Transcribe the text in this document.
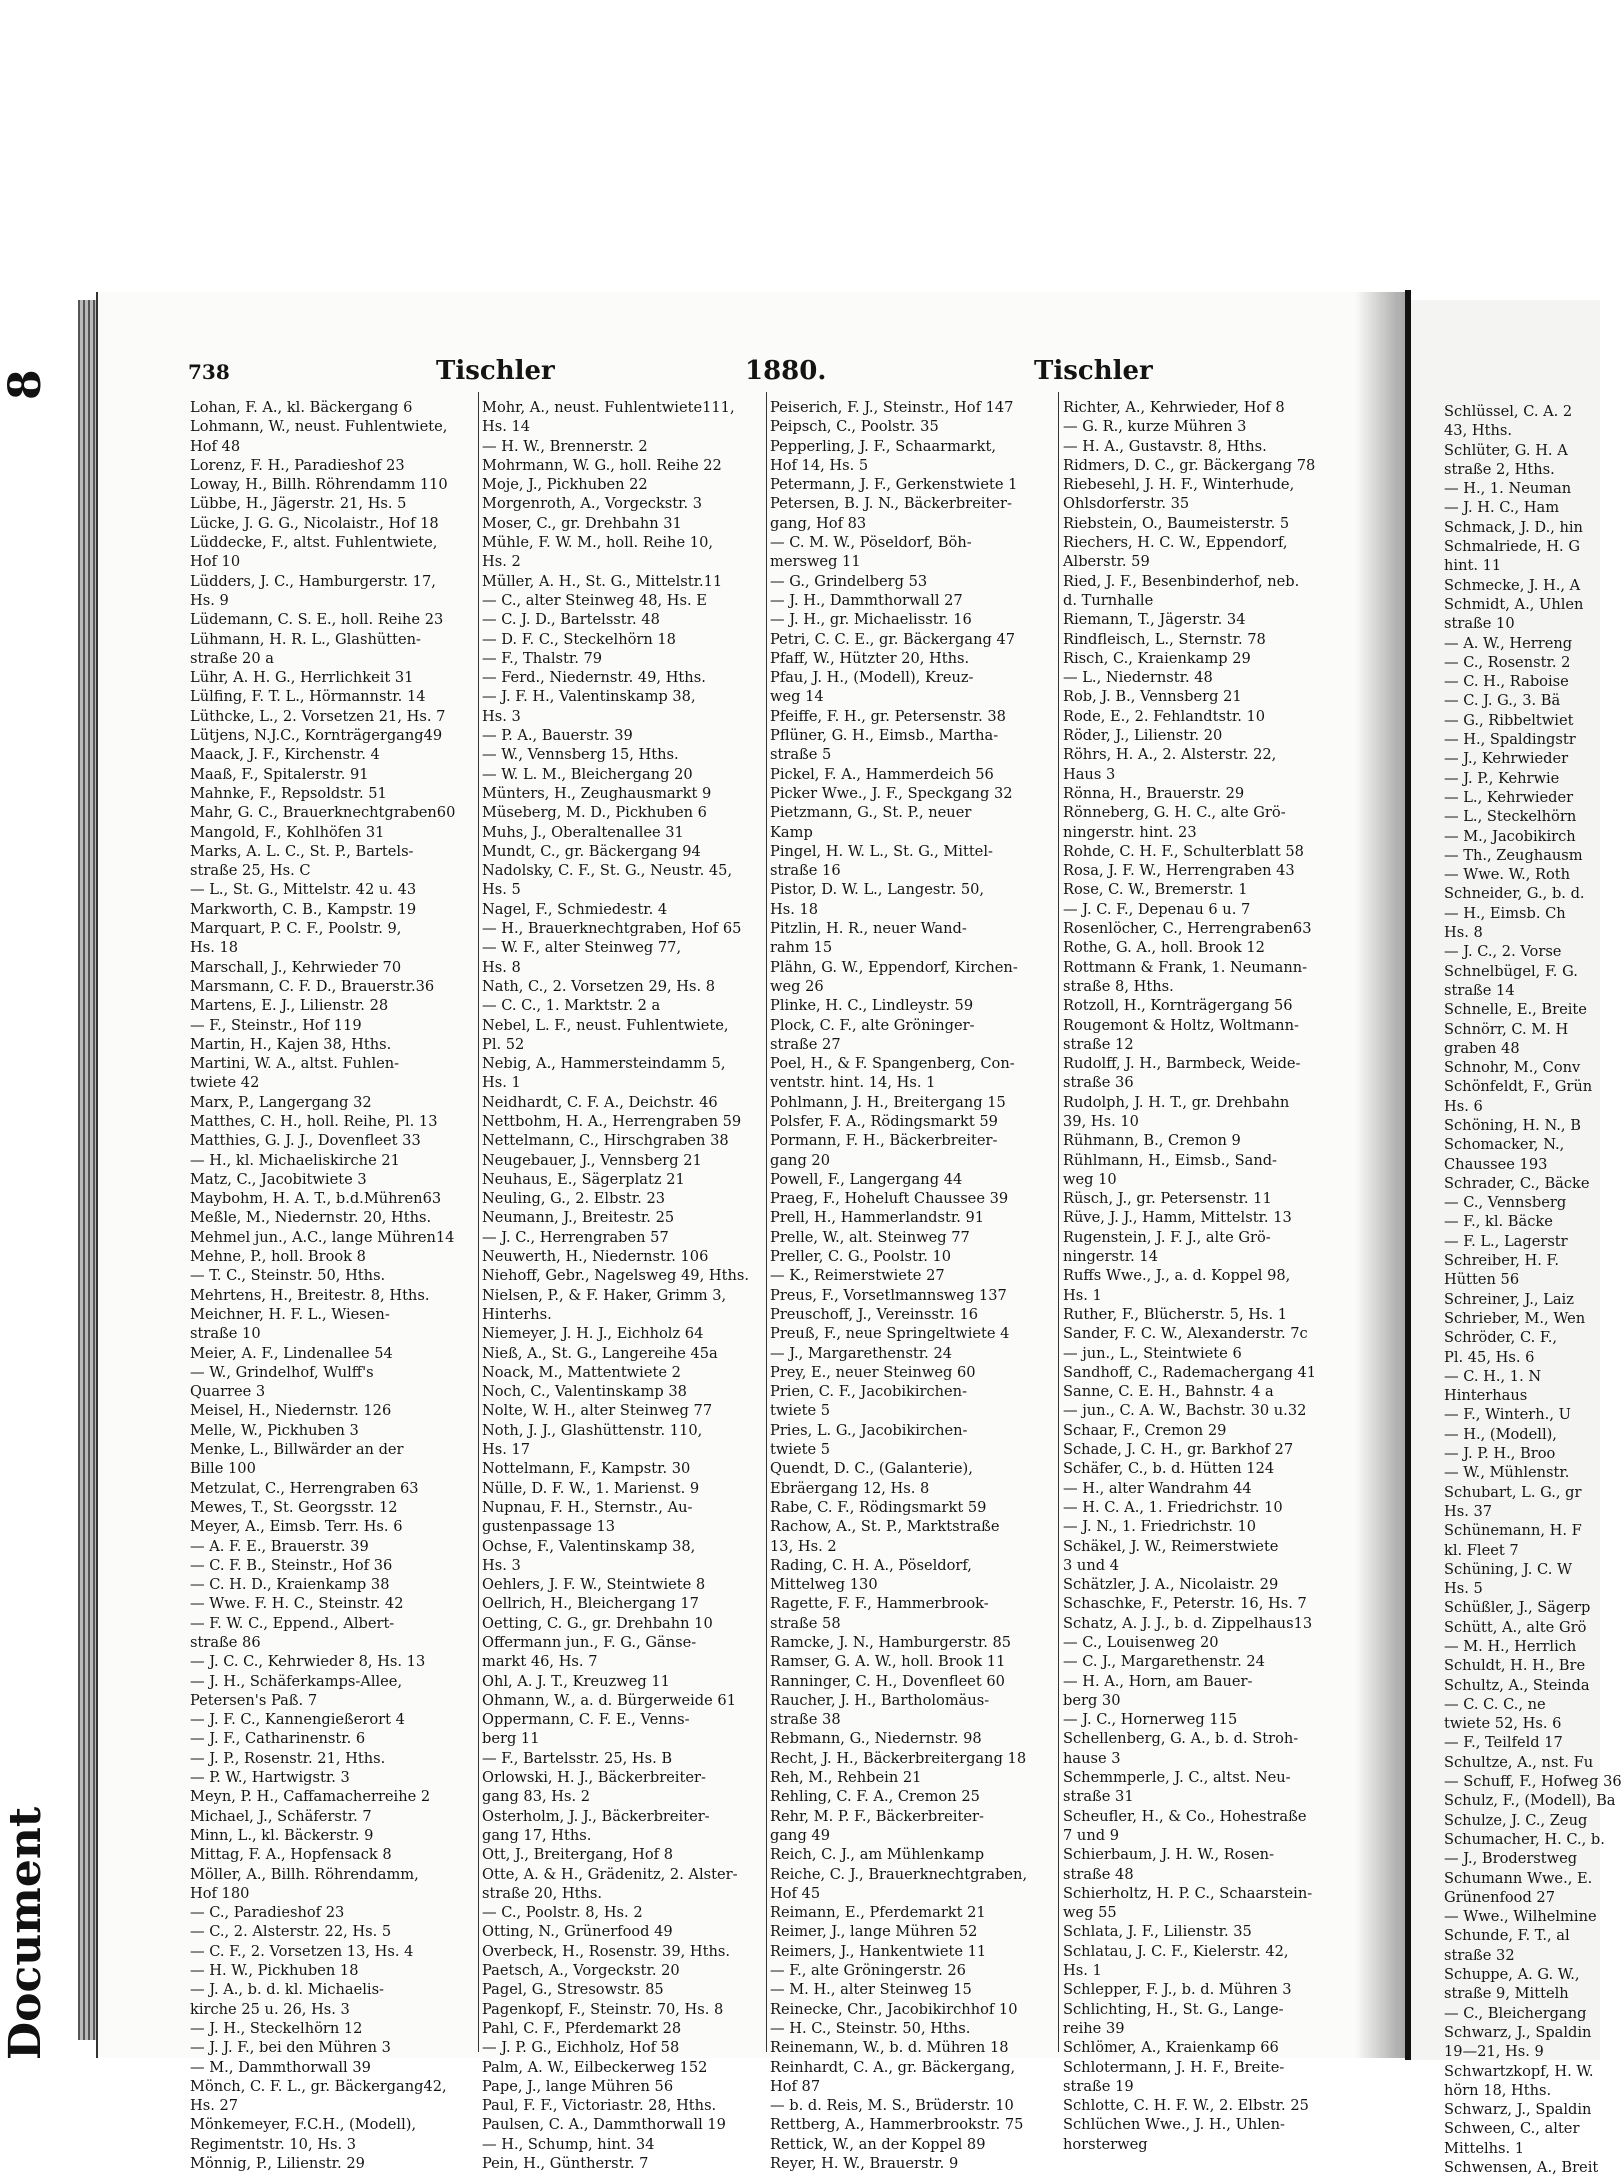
8
Document
738	Tischler	1880.	Tischler
Lohan, F. A., kl. Bäckergang 6
Lohmann, W., neust. Fuhlentwiete,
Hof 48
Lorenz, F. H., Paradieshof 23
Loway, H., Billh. Röhrendamm 110
Lübbe, H., Jägerstr. 21, Hs. 5
Lücke, J. G. G., Nicolaistr., Hof 18
Lüddecke, F., altst. Fuhlentwiete,
Hof 10
Lüdders, J. C., Hamburgerstr. 17,
Hs. 9
Lüdemann, C. S. E., holl. Reihe 23
Lühmann, H. R. L., Glashütten-
straße 20 a
Lühr, A. H. G., Herrlichkeit 31
Lülfing, F. T. L., Hörmannstr. 14
Lüthcke, L., 2. Vorsetzen 21, Hs. 7
Lütjens, N.J.C., Kornträgergang49
Maack, J. F., Kirchenstr. 4
Maaß, F., Spitalerstr. 91
Mahnke, F., Repsoldstr. 51
Mahr, G. C., Brauerknechtgraben60
Mangold, F., Kohlhöfen 31
Marks, A. L. C., St. P., Bartels-
straße 25, Hs. C
— L., St. G., Mittelstr. 42 u. 43
Markworth, C. B., Kampstr. 19
Marquart, P. C. F., Poolstr. 9,
Hs. 18
Marschall, J., Kehrwieder 70
Marsmann, C. F. D., Brauerstr.36
Martens, E. J., Lilienstr. 28
— F., Steinstr., Hof 119
Martin, H., Kajen 38, Hths.
Martini, W. A., altst. Fuhlen-
twiete 42
Marx, P., Langergang 32
Matthes, C. H., holl. Reihe, Pl. 13
Matthies, G. J. J., Dovenfleet 33
— H., kl. Michaeliskirche 21
Matz, C., Jacobitwiete 3
Maybohm, H. A. T., b.d.Mühren63
Meßle, M., Niedernstr. 20, Hths.
Mehmel jun., A.C., lange Mühren14
Mehne, P., holl. Brook 8
— T. C., Steinstr. 50, Hths.
Mehrtens, H., Breitestr. 8, Hths.
Meichner, H. F. L., Wiesen-
straße 10
Meier, A. F., Lindenallee 54
— W., Grindelhof, Wulff's
Quarree 3
Meisel, H., Niedernstr. 126
Melle, W., Pickhuben 3
Menke, L., Billwärder an der
Bille 100
Metzulat, C., Herrengraben 63
Mewes, T., St. Georgsstr. 12
Meyer, A., Eimsb. Terr. Hs. 6
— A. F. E., Brauerstr. 39
— C. F. B., Steinstr., Hof 36
— C. H. D., Kraienkamp 38
— Wwe. F. H. C., Steinstr. 42
— F. W. C., Eppend., Albert-
straße 86
— J. C. C., Kehrwieder 8, Hs. 13
— J. H., Schäferkamps-Allee,
Petersen's Paß. 7
— J. F. C., Kannengießerort 4
— J. F., Catharinenstr. 6
— J. P., Rosenstr. 21, Hths.
— P. W., Hartwigstr. 3
Meyn, P. H., Caffamacherreihe 2
Michael, J., Schäferstr. 7
Minn, L., kl. Bäckerstr. 9
Mittag, F. A., Hopfensack 8
Möller, A., Billh. Röhrendamm,
Hof 180
— C., Paradieshof 23
— C., 2. Alsterstr. 22, Hs. 5
— C. F., 2. Vorsetzen 13, Hs. 4
— H. W., Pickhuben 18
— J. A., b. d. kl. Michaelis-
kirche 25 u. 26, Hs. 3
— J. H., Steckelhörn 12
— J. J. F., bei den Mühren 3
— M., Dammthorwall 39
Mönch, C. F. L., gr. Bäckergang42,
Hs. 27
Mönkemeyer, F.C.H., (Modell),
Regimentstr. 10, Hs. 3
Mönnig, P., Lilienstr. 29
Mohr, A., neust. Fuhlentwiete111,
Hs. 14
— H. W., Brennerstr. 2
Mohrmann, W. G., holl. Reihe 22
Moje, J., Pickhuben 22
Morgenroth, A., Vorgeckstr. 3
Moser, C., gr. Drehbahn 31
Mühle, F. W. M., holl. Reihe 10,
Hs. 2
Müller, A. H., St. G., Mittelstr.11
— C., alter Steinweg 48, Hs. E
— C. J. D., Bartelsstr. 48
— D. F. C., Steckelhörn 18
— F., Thalstr. 79
— Ferd., Niedernstr. 49, Hths.
— J. F. H., Valentinskamp 38,
Hs. 3
— P. A., Bauerstr. 39
— W., Vennsberg 15, Hths.
— W. L. M., Bleichergang 20
Münters, H., Zeughausmarkt 9
Müseberg, M. D., Pickhuben 6
Muhs, J., Oberaltenallee 31
Mundt, C., gr. Bäckergang 94
Nadolsky, C. F., St. G., Neustr. 45,
Hs. 5
Nagel, F., Schmiedestr. 4
— H., Brauerknechtgraben, Hof 65
— W. F., alter Steinweg 77,
Hs. 8
Nath, C., 2. Vorsetzen 29, Hs. 8
— C. C., 1. Marktstr. 2 a
Nebel, L. F., neust. Fuhlentwiete,
Pl. 52
Nebig, A., Hammersteindamm 5,
Hs. 1
Neidhardt, C. F. A., Deichstr. 46
Nettbohm, H. A., Herrengraben 59
Nettelmann, C., Hirschgraben 38
Neugebauer, J., Vennsberg 21
Neuhaus, E., Sägerplatz 21
Neuling, G., 2. Elbstr. 23
Neumann, J., Breitestr. 25
— J. C., Herrengraben 57
Neuwerth, H., Niedernstr. 106
Niehoff, Gebr., Nagelsweg 49, Hths.
Nielsen, P., & F. Haker, Grimm 3,
Hinterhs.
Niemeyer, J. H. J., Eichholz 64
Nieß, A., St. G., Langereihe 45a
Noack, M., Mattentwiete 2
Noch, C., Valentinskamp 38
Nolte, W. H., alter Steinweg 77
Noth, J. J., Glashüttenstr. 110,
Hs. 17
Nottelmann, F., Kampstr. 30
Nülle, D. F. W., 1. Marienst. 9
Nupnau, F. H., Sternstr., Au-
gustenpassage 13
Ochse, F., Valentinskamp 38,
Hs. 3
Oehlers, J. F. W., Steintwiete 8
Oellrich, H., Bleichergang 17
Oetting, C. G., gr. Drehbahn 10
Offermann jun., F. G., Gänse-
markt 46, Hs. 7
Ohl, A. J. T., Kreuzweg 11
Ohmann, W., a. d. Bürgerweide 61
Oppermann, C. F. E., Venns-
berg 11
— F., Bartelsstr. 25, Hs. B
Orlowski, H. J., Bäckerbreiter-
gang 83, Hs. 2
Osterholm, J. J., Bäckerbreiter-
gang 17, Hths.
Ott, J., Breitergang, Hof 8
Otte, A. & H., Grädenitz, 2. Alster-
straße 20, Hths.
— C., Poolstr. 8, Hs. 2
Otting, N., Grünerfood 49
Overbeck, H., Rosenstr. 39, Hths.
Paetsch, A., Vorgeckstr. 20
Pagel, G., Stresowstr. 85
Pagenkopf, F., Steinstr. 70, Hs. 8
Pahl, C. F., Pferdemarkt 28
— J. P. G., Eichholz, Hof 58
Palm, A. W., Eilbeckerweg 152
Pape, J., lange Mühren 56
Paul, F. F., Victoriastr. 28, Hths.
Paulsen, C. A., Dammthorwall 19
— H., Schump, hint. 34
Pein, H., Güntherstr. 7
Peiserich, F. J., Steinstr., Hof 147
Peipsch, C., Poolstr. 35
Pepperling, J. F., Schaarmarkt,
Hof 14, Hs. 5
Petermann, J. F., Gerkenstwiete 1
Petersen, B. J. N., Bäckerbreiter-
gang, Hof 83
— C. M. W., Pöseldorf, Böh-
mersweg 11
— G., Grindelberg 53
— J. H., Dammthorwall 27
— J. H., gr. Michaelisstr. 16
Petri, C. C. E., gr. Bäckergang 47
Pfaff, W., Hützter 20, Hths.
Pfau, J. H., (Modell), Kreuz-
weg 14
Pfeiffe, F. H., gr. Petersenstr. 38
Pflüner, G. H., Eimsb., Martha-
straße 5
Pickel, F. A., Hammerdeich 56
Picker Wwe., J. F., Speckgang 32
Pietzmann, G., St. P., neuer
Kamp
Pingel, H. W. L., St. G., Mittel-
straße 16
Pistor, D. W. L., Langestr. 50,
Hs. 18
Pitzlin, H. R., neuer Wand-
rahm 15
Plähn, G. W., Eppendorf, Kirchen-
weg 26
Plinke, H. C., Lindleystr. 59
Plock, C. F., alte Gröninger-
straße 27
Poel, H., & F. Spangenberg, Con-
ventstr. hint. 14, Hs. 1
Pohlmann, J. H., Breitergang 15
Polsfer, F. A., Rödingsmarkt 59
Pormann, F. H., Bäckerbreiter-
gang 20
Powell, F., Langergang 44
Praeg, F., Hoheluft Chaussee 39
Prell, H., Hammerlandstr. 91
Prelle, W., alt. Steinweg 77
Preller, C. G., Poolstr. 10
— K., Reimerstwiete 27
Preus, F., Vorsetlmannsweg 137
Preuschoff, J., Vereinsstr. 16
Preuß, F., neue Springeltwiete 4
— J., Margarethenstr. 24
Prey, E., neuer Steinweg 60
Prien, C. F., Jacobikirchen-
twiete 5
Pries, L. G., Jacobikirchen-
twiete 5
Quendt, D. C., (Galanterie),
Ebräergang 12, Hs. 8
Rabe, C. F., Rödingsmarkt 59
Rachow, A., St. P., Marktstraße
13, Hs. 2
Rading, C. H. A., Pöseldorf,
Mittelweg 130
Ragette, F. F., Hammerbrook-
straße 58
Ramcke, J. N., Hamburgerstr. 85
Ramser, G. A. W., holl. Brook 11
Ranninger, C. H., Dovenfleet 60
Raucher, J. H., Bartholomäus-
straße 38
Rebmann, G., Niedernstr. 98
Recht, J. H., Bäckerbreitergang 18
Reh, M., Rehbein 21
Rehling, C. F. A., Cremon 25
Rehr, M. P. F., Bäckerbreiter-
gang 49
Reich, C. J., am Mühlenkamp
Reiche, C. J., Brauerknechtgraben,
Hof 45
Reimann, E., Pferdemarkt 21
Reimer, J., lange Mühren 52
Reimers, J., Hankentwiete 11
— F., alte Gröningerstr. 26
— M. H., alter Steinweg 15
Reinecke, Chr., Jacobikirchhof 10
— H. C., Steinstr. 50, Hths.
Reinemann, W., b. d. Mühren 18
Reinhardt, C. A., gr. Bäckergang,
Hof 87
— b. d. Reis, M. S., Brüderstr. 10
Rettberg, A., Hammerbrookstr. 75
Rettick, W., an der Koppel 89
Reyer, H. W., Brauerstr. 9
Richter, A., Kehrwieder, Hof 8
— G. R., kurze Mühren 3
— H. A., Gustavstr. 8, Hths.
Ridmers, D. C., gr. Bäckergang 78
Riebesehl, J. H. F., Winterhude,
Ohlsdorferstr. 35
Riebstein, O., Baumeisterstr. 5
Riechers, H. C. W., Eppendorf,
Alberstr. 59
Ried, J. F., Besenbinderhof, neb.
d. Turnhalle
Riemann, T., Jägerstr. 34
Rindfleisch, L., Sternstr. 78
Risch, C., Kraienkamp 29
— L., Niedernstr. 48
Rob, J. B., Vennsberg 21
Rode, E., 2. Fehlandtstr. 10
Röder, J., Lilienstr. 20
Röhrs, H. A., 2. Alsterstr. 22,
Haus 3
Rönna, H., Brauerstr. 29
Rönneberg, G. H. C., alte Grö-
ningerstr. hint. 23
Rohde, C. H. F., Schulterblatt 58
Rosa, J. F. W., Herrengraben 43
Rose, C. W., Bremerstr. 1
— J. C. F., Depenau 6 u. 7
Rosenlöcher, C., Herrengraben63
Rothe, G. A., holl. Brook 12
Rottmann & Frank, 1. Neumann-
straße 8, Hths.
Rotzoll, H., Kornträgergang 56
Rougemont & Holtz, Woltmann-
straße 12
Rudolff, J. H., Barmbeck, Weide-
straße 36
Rudolph, J. H. T., gr. Drehbahn
39, Hs. 10
Rühmann, B., Cremon 9
Rühlmann, H., Eimsb., Sand-
weg 10
Rüsch, J., gr. Petersenstr. 11
Rüve, J. J., Hamm, Mittelstr. 13
Rugenstein, J. F. J., alte Grö-
ningerstr. 14
Ruffs Wwe., J., a. d. Koppel 98,
Hs. 1
Ruther, F., Blücherstr. 5, Hs. 1
Sander, F. C. W., Alexanderstr. 7c
— jun., L., Steintwiete 6
Sandhoff, C., Rademachergang 41
Sanne, C. E. H., Bahnstr. 4 a
— jun., C. A. W., Bachstr. 30 u.32
Schaar, F., Cremon 29
Schade, J. C. H., gr. Barkhof 27
Schäfer, C., b. d. Hütten 124
— H., alter Wandrahm 44
— H. C. A., 1. Friedrichstr. 10
— J. N., 1. Friedrichstr. 10
Schäkel, J. W., Reimerstwiete
3 und 4
Schätzler, J. A., Nicolaistr. 29
Schaschke, F., Peterstr. 16, Hs. 7
Schatz, A. J. J., b. d. Zippelhaus13
— C., Louisenweg 20
— C. J., Margarethenstr. 24
— H. A., Horn, am Bauer-
berg 30
— J. C., Hornerweg 115
Schellenberg, G. A., b. d. Stroh-
hause 3
Schemmperle, J. C., altst. Neu-
straße 31
Scheufler, H., & Co., Hohestraße
7 und 9
Schierbaum, J. H. W., Rosen-
straße 48
Schierholtz, H. P. C., Schaarstein-
weg 55
Schlata, J. F., Lilienstr. 35
Schlatau, J. C. F., Kielerstr. 42,
Hs. 1
Schlepper, F. J., b. d. Mühren 3
Schlichting, H., St. G., Lange-
reihe 39
Schlömer, A., Kraienkamp 66
Schlotermann, J. H. F., Breite-
straße 19
Schlotte, C. H. F. W., 2. Elbstr. 25
Schlüchen Wwe., J. H., Uhlen-
horsterweg
Schlüssel, C. A. 2
43, Hths.
Schlüter, G. H. A
straße 2, Hths.
— H., 1. Neuman
— J. H. C., Ham
Schmack, J. D., hin
Schmalriede, H. G
hint. 11
Schmecke, J. H., A
Schmidt, A., Uhlen
straße 10
— A. W., Herreng
— C., Rosenstr. 2
— C. H., Raboise
— C. J. G., 3. Bä
— G., Ribbeltwiet
— H., Spaldingstr
— J., Kehrwieder
— J. P., Kehrwie
— L., Kehrwieder
— L., Steckelhörn
— M., Jacobikirch
— Th., Zeughausm
— Wwe. W., Roth
Schneider, G., b. d.
— H., Eimsb. Ch
Hs. 8
— J. C., 2. Vorse
Schnelbügel, F. G.
straße 14
Schnelle, E., Breite
Schnörr, C. M. H
graben 48
Schnohr, M., Conv
Schönfeldt, F., Grün
Hs. 6
Schöning, H. N., B
Schomacker, N.,
Chaussee 193
Schrader, C., Bäcke
— C., Vennsberg
— F., kl. Bäcke
— F. L., Lagerstr
Schreiber, H. F.
Hütten 56
Schreiner, J., Laiz
Schrieber, M., Wen
Schröder, C. F.,
Pl. 45, Hs. 6
— C. H., 1. N
Hinterhaus
— F., Winterh., U
— H., (Modell),
— J. P. H., Broo
— W., Mühlenstr.
Schubart, L. G., gr
Hs. 37
Schünemann, H. F
kl. Fleet 7
Schüning, J. C. W
Hs. 5
Schüßler, J., Sägerp
Schütt, A., alte Grö
— M. H., Herrlich
Schuldt, H. H., Bre
Schultz, A., Steinda
— C. C. C., ne
twiete 52, Hs. 6
— F., Teilfeld 17
Schultze, A., nst. Fu
— Schuff, F., Hofweg 36
Schulz, F., (Modell), Ba
Schulze, J. C., Zeug
Schumacher, H. C., b.
— J., Broderstweg
Schumann Wwe., E.
Grünenfood 27
— Wwe., Wilhelmine
Schunde, F. T., al
straße 32
Schuppe, A. G. W.,
straße 9, Mittelh
— C., Bleichergang
Schwarz, J., Spaldin
19—21, Hs. 9
Schwartzkopf, H. W.
hörn 18, Hths.
Schwarz, J., Spaldin
Schween, C., alter
Mittelhs. 1
Schwensen, A., Breit
